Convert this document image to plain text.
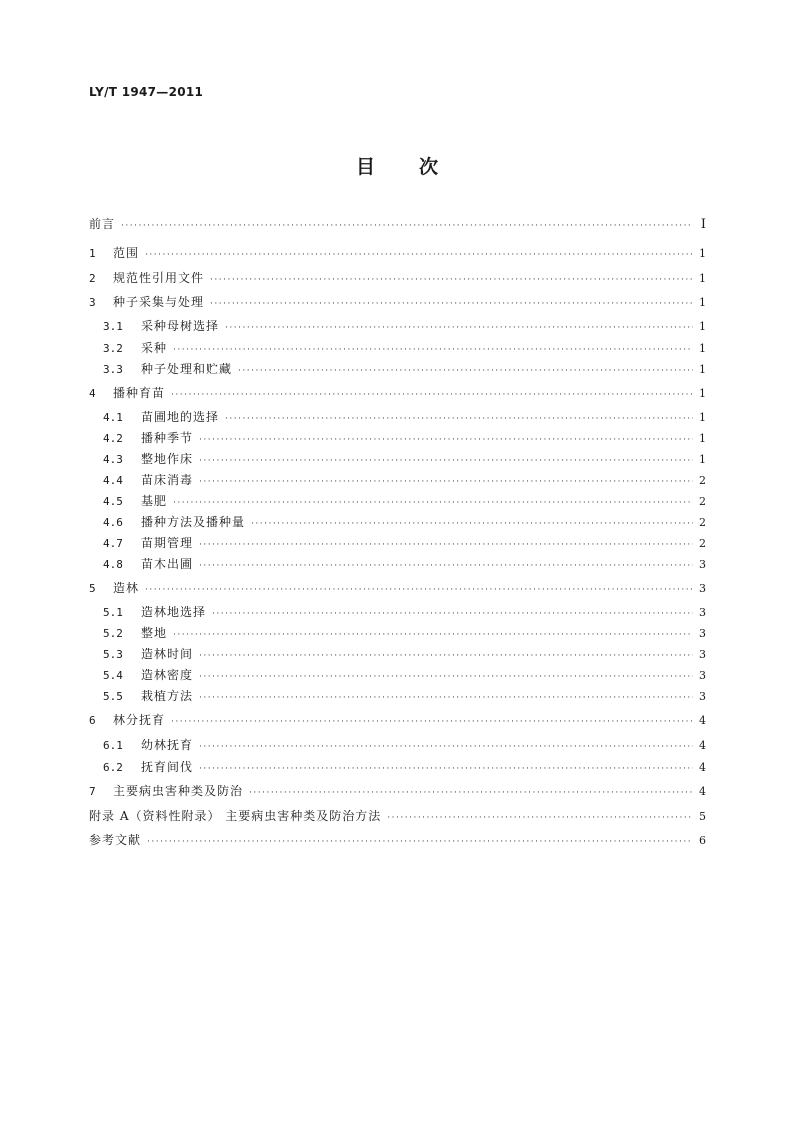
LY/T 1947—2011
目 次
前言 ·····	I
1	范围 ·····	1
2	规范性引用文件 ·····	1
3	种子采集与处理 ·····	1
3.1	采种母树选择 ·····	1
3.2	采种 ·····	1
3.3	种子处理和贮藏 ·····	1
4	播种育苗 ·····	1
4.1	苗圃地的选择 ·····	1
4.2	播种季节 ·····	1
4.3	整地作床 ·····	1
4.4	苗床消毒 ·····	2
4.5	基肥 ·····	2
4.6	播种方法及播种量 ·····	2
4.7	苗期管理 ·····	2
4.8	苗木出圃 ·····	3
5	造林 ·····	3
5.1	造林地选择 ·····	3
5.2	整地 ·····	3
5.3	造林时间 ·····	3
5.4	造林密度 ·····	3
5.5	栽植方法 ·····	3
6	林分抚育 ·····	4
6.1	幼林抚育 ·····	4
6.2	抚育间伐 ·····	4
7	主要病虫害种类及防治 ·····	4
附录 A（资料性附录） 主要病虫害种类及防治方法 ·····	5
参考文献 ·····	6
